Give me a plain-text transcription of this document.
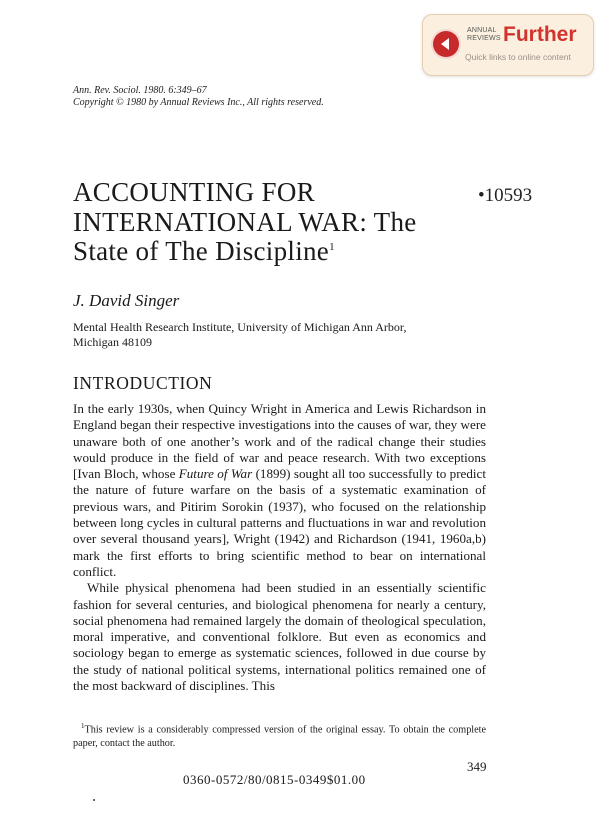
ANNUAL
REVIEWS Further
Quick links to online content
Ann. Rev. Sociol. 1980. 6:349–67
Copyright © 1980 by Annual Reviews Inc., All rights reserved.
•10593
ACCOUNTING FOR
INTERNATIONAL WAR: The
State of The Discipline$^1$
J. David Singer
Mental Health Research Institute, University of Michigan Ann Arbor,
Michigan 48109
INTRODUCTION

In the early 1930s, when Quincy Wright in America and Lewis Richardson in England began their respective investigations into the causes of war, they were unaware both of one another’s work and of the radical change their studies would produce in the field of war and peace research. With two exceptions [Ivan Bloch, whose Future of War (1899) sought all too successfully to predict the nature of future warfare on the basis of a systematic examination of previous wars, and Pitirim Sorokin (1937), who focused on the relationship between long cycles in cultural patterns and fluctuations in war and revolution over several thousand years], Wright (1942) and Richardson (1941, 1960a,b) mark the first efforts to bring scientific method to bear on international conflict.

While physical phenomena had been studied in an essentially scientific fashion for several centuries, and biological phenomena for nearly a century, social phenomena had remained largely the domain of theological speculation, moral imperative, and conventional folklore. But even as economics and sociology began to emerge as systematic sciences, followed in due course by the study of national political systems, international politics remained one of the most backward of disciplines. This

$^1$This review is a considerably compressed version of the original essay. To obtain the complete paper, contact the author.

349
0360-0572/80/0815-0349$01.00
